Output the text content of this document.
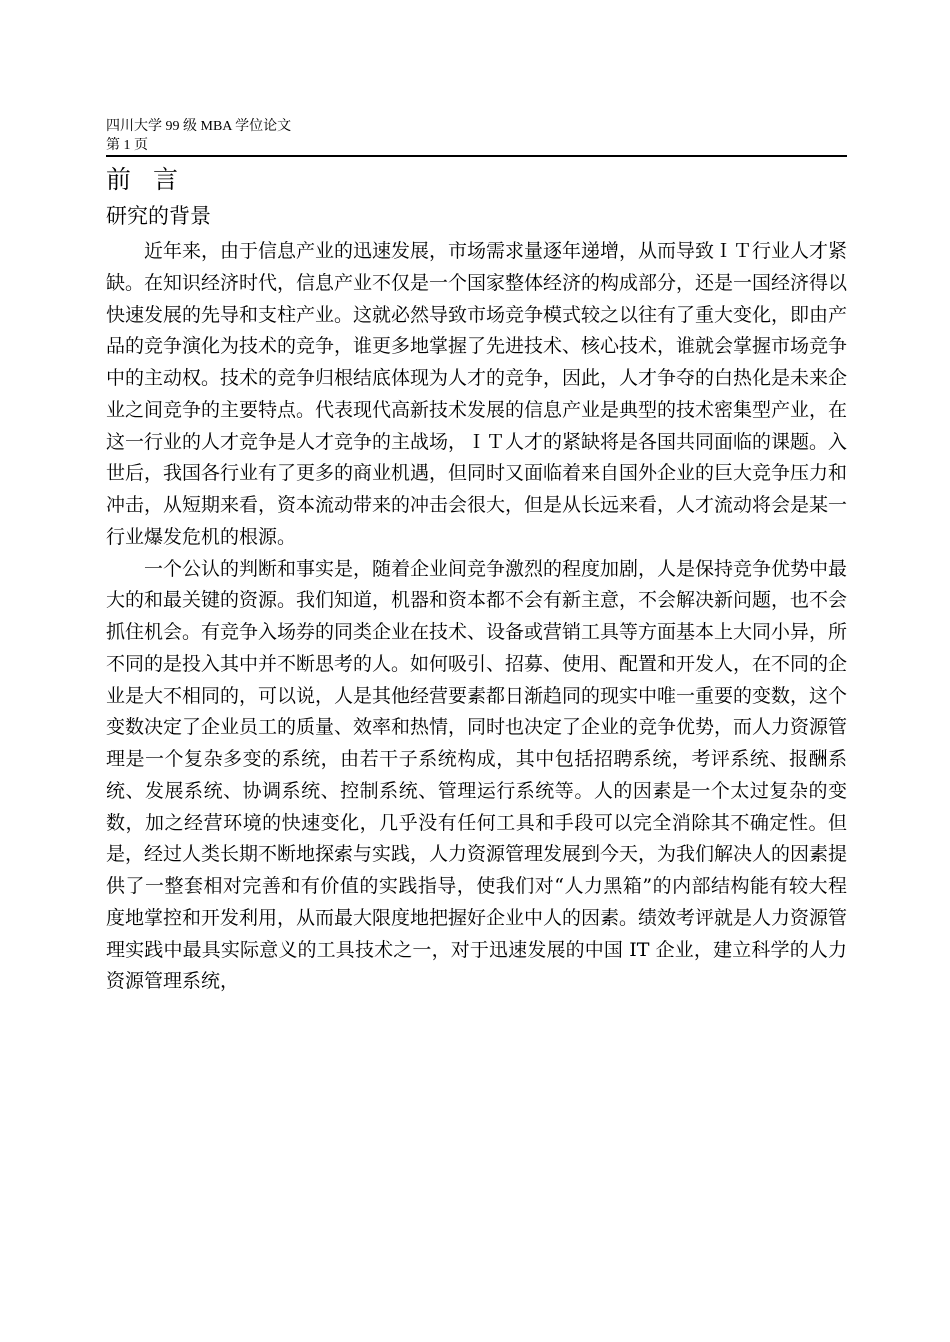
四川大学 99 级 MBA 学位论文
第 1 页
前言
研究的背景

近年来，由于信息产业的迅速发展，市场需求量逐年递增，从而导致ＩＴ行业人才紧缺。在知识经济时代，信息产业不仅是一个国家整体经济的构成部分，还是一国经济得以快速发展的先导和支柱产业。这就必然导致市场竞争模式较之以往有了重大变化，即由产品的竞争演化为技术的竞争，谁更多地掌握了先进技术、核心技术，谁就会掌握市场竞争中的主动权。技术的竞争归根结底体现为人才的竞争，因此，人才争夺的白热化是未来企业之间竞争的主要特点。代表现代高新技术发展的信息产业是典型的技术密集型产业，在这一行业的人才竞争是人才竞争的主战场，ＩＴ人才的紧缺将是各国共同面临的课题。入世后，我国各行业有了更多的商业机遇，但同时又面临着来自国外企业的巨大竞争压力和冲击，从短期来看，资本流动带来的冲击会很大，但是从长远来看，人才流动将会是某一行业爆发危机的根源。

一个公认的判断和事实是，随着企业间竞争激烈的程度加剧，人是保持竞争优势中最大的和最关键的资源。我们知道，机器和资本都不会有新主意，不会解决新问题，也不会抓住机会。有竞争入场券的同类企业在技术、设备或营销工具等方面基本上大同小异，所不同的是投入其中并不断思考的人。如何吸引、招募、使用、配置和开发人，在不同的企业是大不相同的，可以说，人是其他经营要素都日渐趋同的现实中唯一重要的变数，这个变数决定了企业员工的质量、效率和热情，同时也决定了企业的竞争优势，而人力资源管理是一个复杂多变的系统，由若干子系统构成，其中包括招聘系统，考评系统、报酬系统、发展系统、协调系统、控制系统、管理运行系统等。人的因素是一个太过复杂的变数，加之经营环境的快速变化，几乎没有任何工具和手段可以完全消除其不确定性。但是，经过人类长期不断地探索与实践，人力资源管理发展到今天，为我们解决人的因素提供了一整套相对完善和有价值的实践指导，使我们对“人力黑箱”的内部结构能有较大程度地掌控和开发利用，从而最大限度地把握好企业中人的因素。绩效考评就是人力资源管理实践中最具实际意义的工具技术之一，对于迅速发展的中国 IT 企业，建立科学的人力资源管理系统，
